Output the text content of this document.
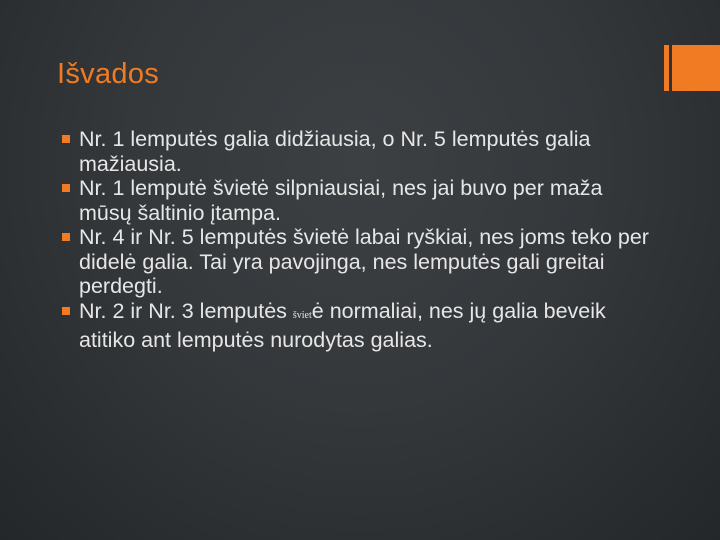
Išvados
Nr. 1 lemputės galia didžiausia, o Nr. 5 lemputės galia mažiausia.
Nr. 1 lemputė švietė silpniausiai, nes jai buvo per maža mūsų šaltinio įtampa.
Nr. 4 ir Nr. 5 lemputės švietė labai ryškiai, nes joms teko per didelė galia. Tai yra pavojinga, nes lemputės gali greitai perdegti.
Nr. 2 ir Nr. 3 lemputės švietė normaliai, nes jų galia beveik atitiko ant lemputės nurodytas galias.
